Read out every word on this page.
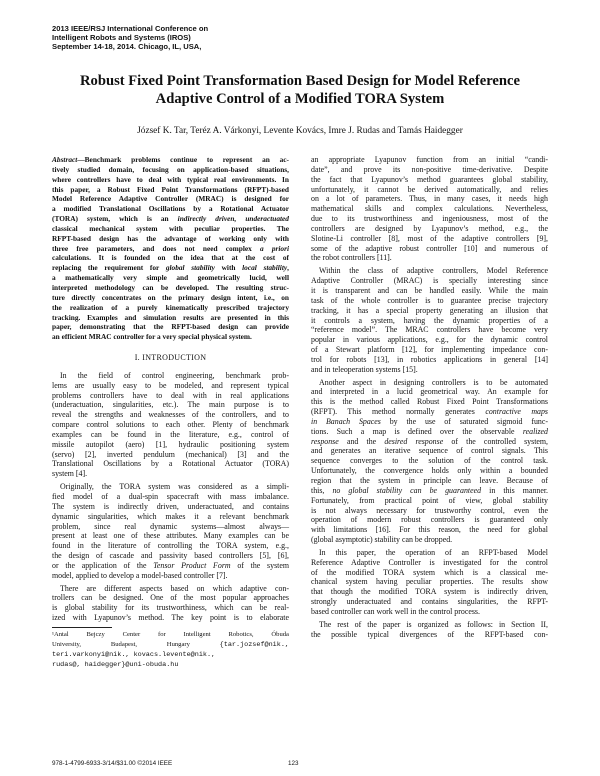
2013 IEEE/RSJ International Conference on
Intelligent Robots and Systems (IROS)
September 14-18, 2014. Chicago, IL, USA,
Robust Fixed Point Transformation Based Design for Model Reference
Adaptive Control of a Modified TORA System
József K. Tar, Teréz A. Várkonyi, Levente Kovács, Imre J. Rudas and Tamás Haidegger
Abstract—Benchmark problems continue to represent an ac-
tively studied domain, focusing on application-based situations,
where controllers have to deal with typical real environments. In
this paper, a Robust Fixed Point Transformations (RFPT)-based
Model Reference Adaptive Controller (MRAC) is designed for
a modified Translational Oscillations by a Rotational Actuator
(TORA) system, which is an indirectly driven, underactuated
classical mechanical system with peculiar properties. The
RFPT-based design has the advantage of working only with
three free parameters, and does not need complex a priori
calculations. It is founded on the idea that at the cost of
replacing the requirement for global stability with local stability,
a mathematically very simple and geometrically lucid, well
interpreted methodology can be developed. The resulting struc-
ture directly concentrates on the primary design intent, i.e., on
the realization of a purely kinematically prescribed trajectory
tracking. Examples and simulation results are presented in this
paper, demonstrating that the RFPT-based design can provide
an efficient MRAC controller for a very special physical system.
I. INTRODUCTION
In the field of control engineering, benchmark prob-
lems are usually easy to be modeled, and represent typical
problems controllers have to deal with in real applications
(underactuation, singularities, etc.). The main purpose is to
reveal the strengths and weaknesses of the controllers, and to
compare control solutions to each other. Plenty of benchmark
examples can be found in the literature, e.g., control of
missile autopilot (aero) [1], hydraulic positioning system
(servo) [2], inverted pendulum (mechanical) [3] and the
Translational Oscillations by a Rotational Actuator (TORA)
system [4].
Originally, the TORA system was considered as a simpli-
fied model of a dual-spin spacecraft with mass imbalance.
The system is indirectly driven, underactuated, and contains
dynamic singularities, which makes it a relevant benchmark
problem, since real dynamic systems—almost always—
present at least one of these attributes. Many examples can be
found in the literature of controlling the TORA system, e.g.,
the design of cascade and passivity based controllers [5], [6],
or the application of the Tensor Product Form of the system
model, applied to develop a model-based controller [7].
There are different aspects based on which adaptive con-
trollers can be designed. One of the most popular approaches
is global stability for its trustworthiness, which can be real-
ized with Lyapunov’s method. The key point is to elaborate
¹Antal Bejczy Center for Intelligent Robotics, Óbuda
University, Budapest, Hungary {tar.jozsef@nik.,
teri.varkonyi@nik., kovacs.levente@nik.,
rudas@, haidegger}@uni-obuda.hu
an appropriate Lyapunov function from an initial “candi-
date”, and prove its non-positive time-derivative. Despite
the fact that Lyapunov’s method guarantees global stability,
unfortunately, it cannot be derived automatically, and relies
on a lot of parameters. Thus, in many cases, it needs high
mathematical skills and complex calculations. Nevertheless,
due to its trustworthiness and ingeniousness, most of the
controllers are designed by Lyapunov’s method, e.g., the
Slotine-Li controller [8], most of the adaptive controllers [9],
some of the adaptive robust controller [10] and numerous of
the robot controllers [11].
Within the class of adaptive controllers, Model Reference
Adaptive Controller (MRAC) is specially interesting since
it is transparent and can be handled easily. While the main
task of the whole controller is to guarantee precise trajectory
tracking, it has a special property generating an illusion that
it controls a system, having the dynamic properties of a
“reference model”. The MRAC controllers have become very
popular in various applications, e.g., for the dynamic control
of a Stewart platform [12], for implementing impedance con-
trol for robots [13], in robotics applications in general [14]
and in teleoperation systems [15].
Another aspect in designing controllers is to be automated
and interpreted in a lucid geometrical way. An example for
this is the method called Robust Fixed Point Transformations
(RFPT). This method normally generates contractive maps
in Banach Spaces by the use of saturated sigmoid func-
tions. Such a map is defined over the observable realized
response and the desired response of the controlled system,
and generates an iterative sequence of control signals. This
sequence converges to the solution of the control task.
Unfortunately, the convergence holds only within a bounded
region that the system in principle can leave. Because of
this, no global stability can be guaranteed in this manner.
Fortunately, from practical point of view, global stability
is not always necessary for trustworthy control, even the
operation of modern robust controllers is guaranteed only
with limitations [16]. For this reason, the need for global
(global asymptotic) stability can be dropped.
In this paper, the operation of an RFPT-based Model
Reference Adaptive Controller is investigated for the control
of the modified TORA system which is a classical me-
chanical system having peculiar properties. The results show
that though the modified TORA system is indirectly driven,
strongly underactuated and contains singularities, the RFPT-
based controller can work well in the control process.
The rest of the paper is organized as follows: in Section II,
the possible typical divergences of the RFPT-based con-
978-1-4799-6933-3/14/$31.00 ©2014 IEEE	123
